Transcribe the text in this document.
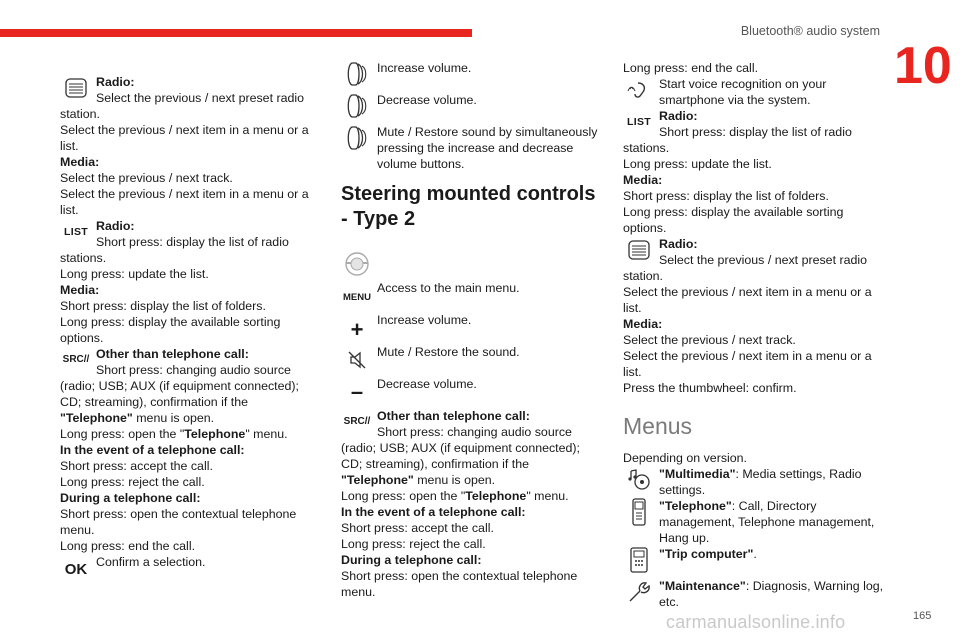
Bluetooth® audio system
10
Radio:
Select the previous / next preset radio station.
Select the previous / next item in a menu or a list.
Media:
Select the previous / next track.
Select the previous / next item in a menu or a list.
LIST Radio:
Short press: display the list of radio stations.
Long press: update the list.
Media:
Short press: display the list of folders.
Long press: display the available sorting options.
SRC // Other than telephone call:
Short press: changing audio source (radio; USB; AUX (if equipment connected); CD; streaming), confirmation if the "Telephone" menu is open.
Long press: open the "Telephone" menu.
In the event of a telephone call:
Short press: accept the call.
Long press: reject the call.
During a telephone call:
Short press: open the contextual telephone menu.
Long press: end the call.
OK Confirm a selection.
Increase volume.
Decrease volume.
Mute / Restore sound by simultaneously pressing the increase and decrease volume buttons.
Steering mounted controls - Type 2
MENU
Access to the main menu.
+	Increase volume.
Mute / Restore the sound.
–	Decrease volume.
SRC // Other than telephone call:
Short press: changing audio source (radio; USB; AUX (if equipment connected); CD; streaming), confirmation if the "Telephone" menu is open.
Long press: open the "Telephone" menu.
In the event of a telephone call:
Short press: accept the call.
Long press: reject the call.
During a telephone call:
Short press: open the contextual telephone menu.
Long press: end the call.
Start voice recognition on your smartphone via the system.
LIST Radio:
Short press: display the list of radio stations.
Long press: update the list.
Media:
Short press: display the list of folders.
Long press: display the available sorting options.
Radio:
Select the previous / next preset radio station.
Select the previous / next item in a menu or a list.
Media:
Select the previous / next track.
Select the previous / next item in a menu or a list.
Press the thumbwheel: confirm.
Menus
Depending on version.
"Multimedia": Media settings, Radio settings.
"Telephone": Call, Directory management, Telephone management, Hang up.
"Trip computer".
"Maintenance": Diagnosis, Warning log, etc.
carmanualsonline.info	165
